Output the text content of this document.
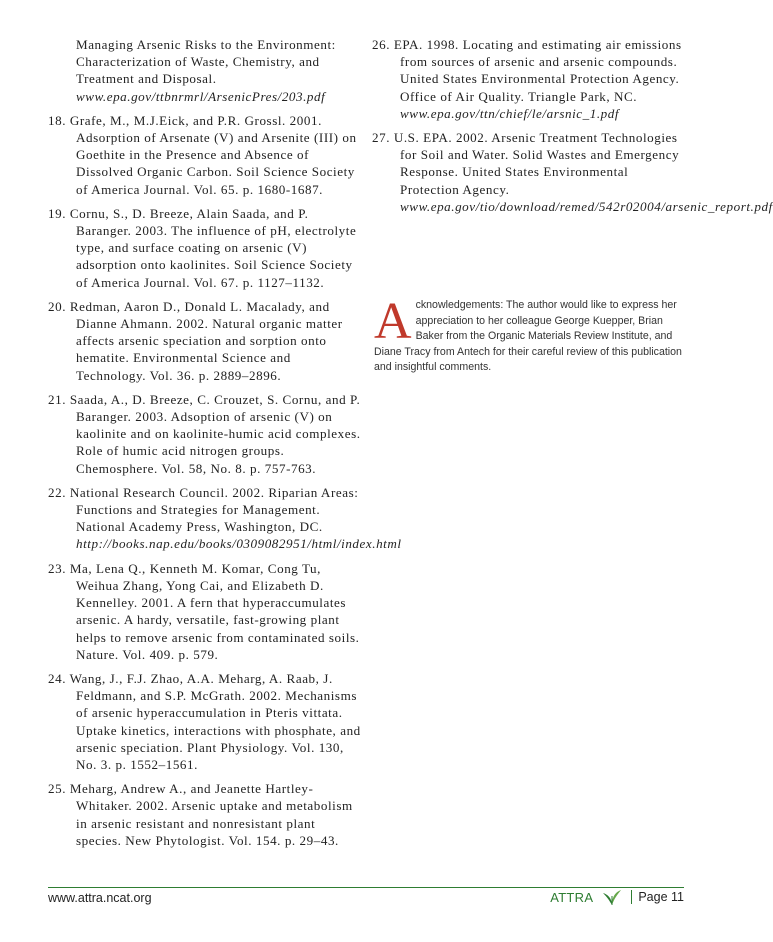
Managing Arsenic Risks to the Environment:
Characterization of Waste, Chemistry, and
Treatment and Disposal.
www.epa.gov/ttbnrmrl/ArsenicPres/203.pdf
18. Grafe, M., M.J.Eick, and P.R. Grossl. 2001. Adsorption of Arsenate (V) and Arsenite (III) on Goethite in the Presence and Absence of Dissolved Organic Carbon. Soil Science Society of America Journal. Vol. 65. p. 1680-1687.
19. Cornu, S., D. Breeze, Alain Saada, and P. Baranger. 2003. The influence of pH, electrolyte type, and surface coating on arsenic (V) adsorption onto kaolinites. Soil Science Society of America Journal. Vol. 67. p. 1127–1132.
20. Redman, Aaron D., Donald L. Macalady, and Dianne Ahmann. 2002. Natural organic matter affects arsenic speciation and sorption onto hematite. Environmental Science and Technology. Vol. 36. p. 2889–2896.
21. Saada, A., D. Breeze, C. Crouzet, S. Cornu, and P. Baranger. 2003. Adsoption of arsenic (V) on kaolinite and on kaolinite-humic acid complexes. Role of humic acid nitrogen groups. Chemosphere. Vol. 58, No. 8. p. 757-763.
22. National Research Council. 2002. Riparian Areas: Functions and Strategies for Management. National Academy Press, Washington, DC.
http://books.nap.edu/books/0309082951/html/index.html
23. Ma, Lena Q., Kenneth M. Komar, Cong Tu, Weihua Zhang, Yong Cai, and Elizabeth D. Kennelley. 2001. A fern that hyperaccumulates arsenic. A hardy, versatile, fast-growing plant helps to remove arsenic from contaminated soils. Nature. Vol. 409. p. 579.
24. Wang, J., F.J. Zhao, A.A. Meharg, A. Raab, J. Feldmann, and S.P. McGrath. 2002. Mechanisms of arsenic hyperaccumulation in Pteris vittata. Uptake kinetics, interactions with phosphate, and arsenic speciation. Plant Physiology. Vol. 130, No. 3. p. 1552–1561.
25. Meharg, Andrew A., and Jeanette Hartley-Whitaker. 2002. Arsenic uptake and metabolism in arsenic resistant and nonresistant plant species. New Phytologist. Vol. 154. p. 29–43.
26. EPA. 1998. Locating and estimating air emissions from sources of arsenic and arsenic compounds. United States Environmental Protection Agency. Office of Air Quality. Triangle Park, NC.
www.epa.gov/ttn/chief/le/arsnic_1.pdf
27. U.S. EPA. 2002. Arsenic Treatment Technologies for Soil and Water. Solid Wastes and Emergency Response. United States Environmental Protection Agency.
www.epa.gov/tio/download/remed/542r02004/arsenic_report.pdf
A cknowledgements: The author would like to express her appreciation to her colleague George Kuepper, Brian Baker from the Organic Materials Review Institute, and Diane Tracy from Antech for their careful review of this publication and insightful comments.
www.attra.ncat.org	ATTRA	Page 11
